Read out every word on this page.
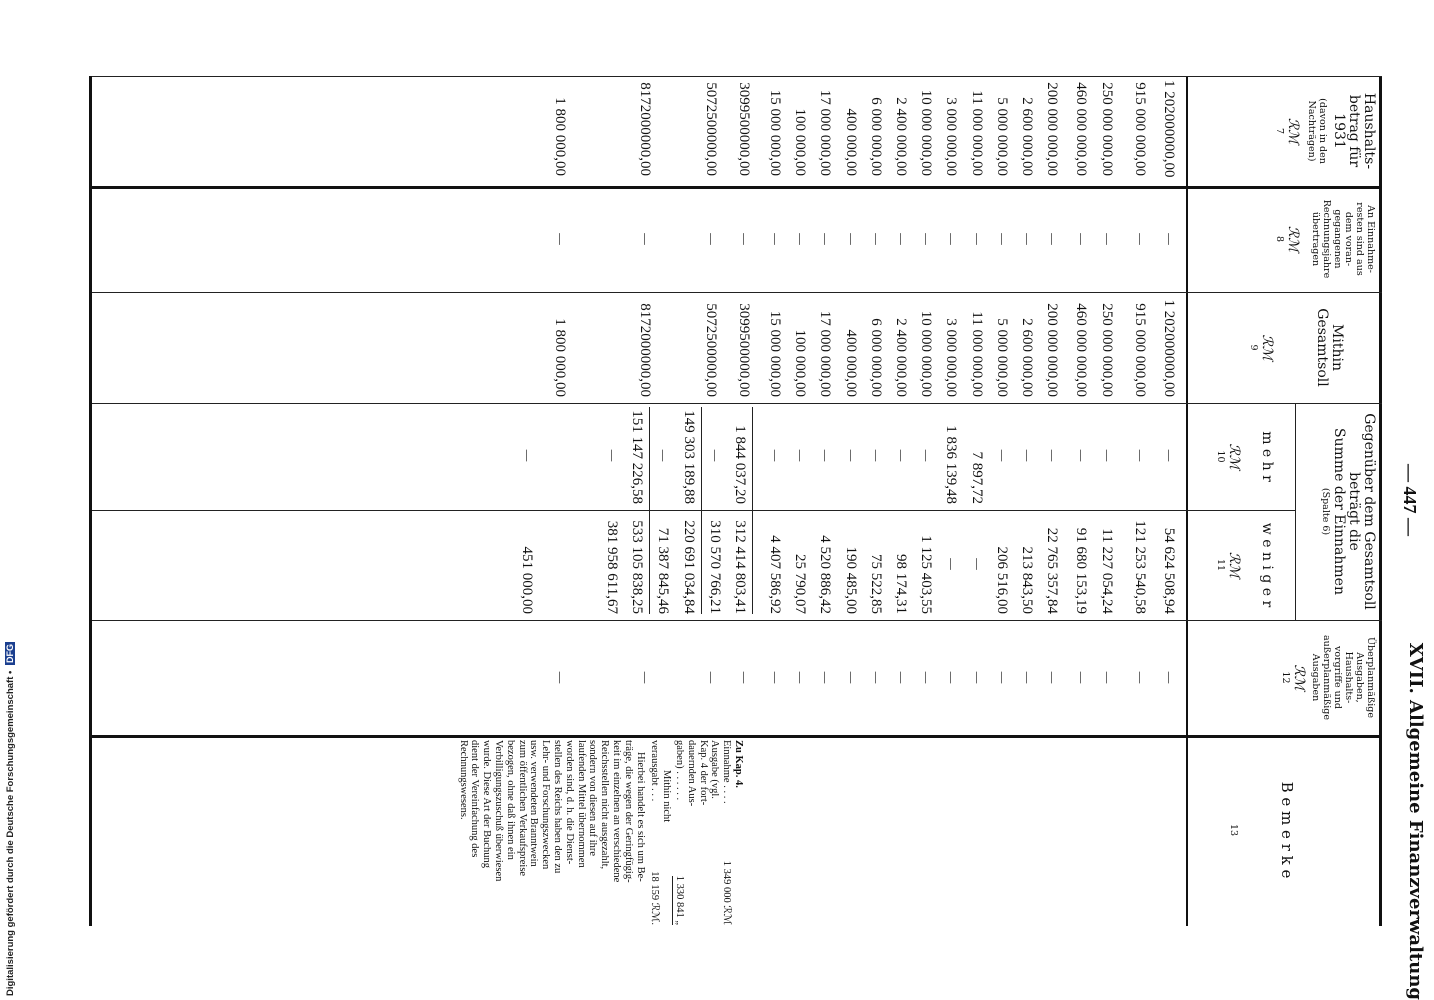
— 447 —
XVII. Allgemeine Finanzverwaltung
Haushalts-
betrag für
1931
(davon in den Nachträgen)
ℛℳ
7
An Einnahme-resten sind aus dem voran-gegangenen Rechnungsjahre übertragen
ℛℳ
8
Mithin
Gesamtsoll
ℛℳ
9
Gegenüber dem Gesamtsoll
beträgt die
Summe der Einnahmen
(Spalte 6)
m e h r
ℛℳ
10
w e n i g e r
ℛℳ
11
Überplanmäßige Ausgaben, Haushalts-vorgriffe und außerplanmäßige Ausgaben
ℛℳ
12
B e m e r k e
13
—
—
—
—
—
—
—
—
—
—
—
—
—
—
—
—
—
—
—
—
1 202000000,00
915 000 000,00
250 000 000,00
460 000 000,00
200 000 000,00
2 600 000,00
5 000 000,00
11 000 000,00
3 000 000,00
10 000 000,00
2 400 000,00
6 000 000,00
400 000,00
17 000 000,00
100 000,00
15 000 000,00
3099500000,00
5072500000,00
8172000000,00
1 800 000,00
1 202000000,00
915 000 000,00
250 000 000,00
460 000 000,00
200 000 000,00
2 600 000,00
5 000 000,00
11 000 000,00
3 000 000,00
10 000 000,00
2 400 000,00
6 000 000,00
400 000,00
17 000 000,00
100 000,00
15 000 000,00
3099500000,00
5072500000,00
8172000000,00
1 800 000,00
—
—
—
—
—
—
—
7 897,72
1 836 139,48
—
—
—
—
—
—
—
54 624 508,94
121 253 540,58
11 227 054,24
91 680 153,19
22 765 357,84
213 843,50
206 516,00
—
—
1 125 403,55
98 174,31
75 522,85
190 485,00
4 520 886,42
25 790,07
4 407 586,92
1 844 037,20
312 414 803,41
—
310 570 766,21
149 303 189,88
220 691 034,84
—
71 387 845,46
151 147 226,58
533 105 838,25
—
381 958 611,67
—
451 000,00
—
—
—
—
—
—
—
—
—
—
—
—
—
—
—
—
—
—
—
—
Zu Kap. 4.
Einnahme . . . .
1 349 000 ℛℳ
Ausgabe (vgl.
Kap. 4 der fort-
dauernden Aus-
gaben) . . . . . .
1 330 841 „
Mithin nicht
verausgabt . . .
18 159 ℛℳ.
Hierbei handelt es sich um Be-
träge, die wegen der Geringfügig-
keit im einzelnen an verschiedene
Reichsstellen nicht ausgezahlt,
sondern von diesen auf ihre
laufenden Mittel übernommen
worden sind, d. h. die Dienst-
stellen des Reichs haben den zu
Lehr- und Forschungszwecken
usw. verwendeten Branntwein
zum öffentlichen Verkaufspreise
bezogen, ohne daß ihnen ein
Verbilligungszuschuß überwiesen
wurde. Diese Art der Buchung
dient der Vereinfachung des
Rechnungswesens.
Digitalisierung gefördert durch die Deutsche Forschungsgemeinschaft • DFG
